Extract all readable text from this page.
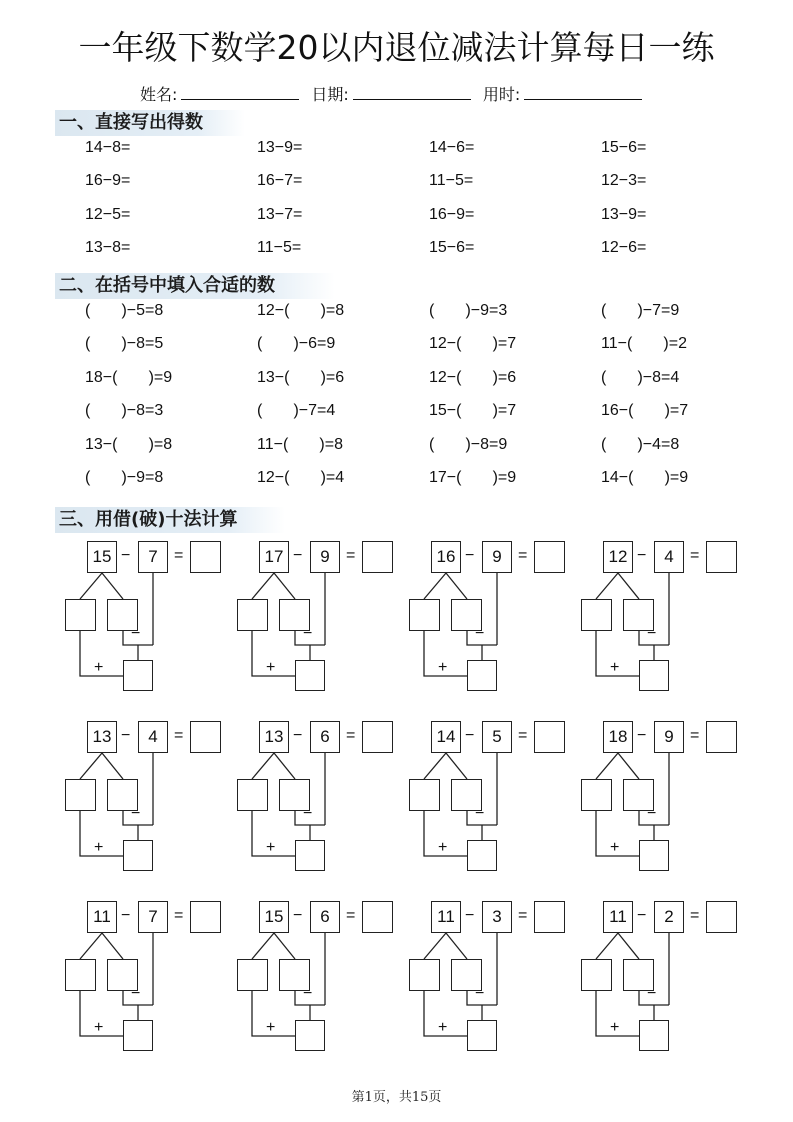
一年级下数学20以内退位减法计算每日一练
姓名:	日期:	用时:
一、直接写出得数
14−8=	13−9=	14−6=	15−6=
16−9=	16−7=	11−5=	12−3=
12−5=	13−7=	16−9=	13−9=
13−8=	11−5=	15−6=	12−6=
二、在括号中填入合适的数
(       )−5=8	12−(       )=8	(       )−9=3	(       )−7=9
(       )−8=5	(       )−6=9	12−(       )=7	11−(       )=2
18−(       )=9	13−(       )=6	12−(       )=6	(       )−8=4
(       )−8=3	(       )−7=4	15−(       )=7	16−(       )=7
13−(       )=8	11−(       )=8	(       )−8=9	(       )−4=8
(       )−9=8	12−(       )=4	17−(       )=9	14−(       )=9
三、用借(破)十法计算
15 − 7 =
−
+
17 − 9 =
−
+
16 − 9 =
−
+
12 − 4 =
−
+
13 − 4 =
−
+
13 − 6 =
−
+
14 − 5 =
−
+
18 − 9 =
−
+
11 − 7 =
−
+
15 − 6 =
−
+
11 − 3 =
−
+
11 − 2 =
−
+
第1页，共15页
